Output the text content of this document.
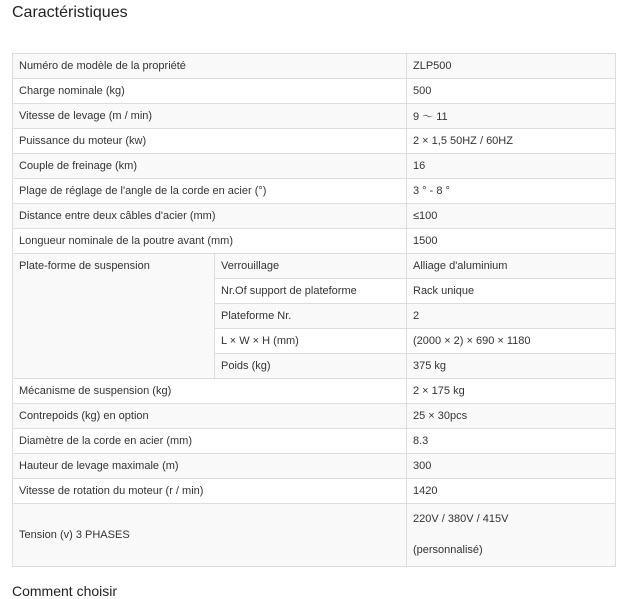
Caractéristiques
Numéro de modèle de la propriété		ZLP500
Charge nominale (kg)		500
Vitesse de levage (m / min)		9 ～ 11
Puissance du moteur (kw)		2 × 1,5 50HZ / 60HZ
Couple de freinage (km)		16
Plage de réglage de l'angle de la corde en acier (°)		3 ° - 8 °
Distance entre deux câbles d'acier (mm)		≤100
Longueur nominale de la poutre avant (mm)		1500
Plate-forme de suspension	Verrouillage	Alliage d'aluminium
	Nr.Of support de plateforme	Rack unique
	Plateforme Nr.	2
	L × W × H (mm)	(2000 × 2) × 690 × 1180
	Poids (kg)	375 kg
Mécanisme de suspension (kg)		2 × 175 kg
Contrepoids (kg) en option		25 × 30pcs
Diamètre de la corde en acier (mm)		8.3
Hauteur de levage maximale (m)		300
Vitesse de rotation du moteur (r / min)		1420
Tension (v) 3 PHASES		220V / 380V / 415V
(personnalisé)
Comment choisir
